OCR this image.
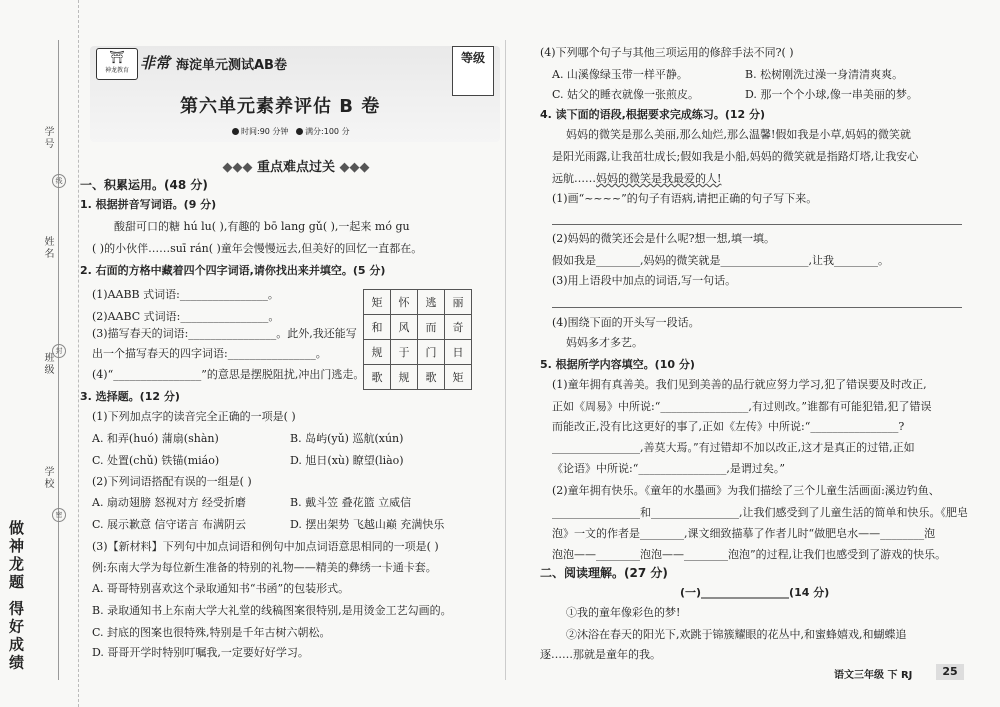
学号
姓名
班级
学校
线
封
密
做神龙题 得好成绩
⛩
神龙教育 非常 海淀单元测试AB卷	等级
第六单元素养评估 B 卷
时间:90 分钟 满分:100 分
◆◆◆ 重点难点过关 ◆◆◆
一、积累运用。(48 分)
1. 根据拼音写词语。(9 分)
酸甜可口的糖 hú lu( ),有趣的 bō lang gǔ( ),一起来 mó gu
( )的小伙伴……suī rán( )童年会慢慢远去,但美好的回忆一直都在。
2. 右面的方格中藏着四个四字词语,请你找出来并填空。(5 分)
(1)AABB 式词语:________________。
(2)AABC 式词语:________________。
(3)描写春天的词语:________________。此外,我还能写
出一个描写春天的四字词语:________________。
(4)“________________”的意思是摆脱阻扰,冲出门逃走。
矩	怀	逃	丽
和	风	而	奇
规	于	门	日
歌	规	歌	矩
3. 选择题。(12 分)
(1)下列加点字的读音完全正确的一项是( )
A. 和弄(huó) 蒲扇(shàn)	B. 岛屿(yǔ) 巡航(xún)
C. 处置(chǔ) 铁锚(miáo)	D. 旭日(xù) 瞭望(liào)
(2)下列词语搭配有误的一组是( )
A. 扇动翅膀 怒视对方 经受折磨	B. 戴斗笠 叠花篮 立威信
C. 展示歉意 信守诺言 布满阴云	D. 摆出架势 飞越山巅 充满快乐
(3)【新材料】下列句中加点词语和例句中加点词语意思相同的一项是( )
例:东南大学为每位新生准备的特别的礼物——精美的彝绣一卡通卡套。
A. 哥哥特别喜欢这个录取通知书“书函”的包装形式。
B. 录取通知书上东南大学大礼堂的线稿图案很特别,是用烫金工艺勾画的。
C. 封底的图案也很特殊,特别是千年古树六朝松。
D. 哥哥开学时特别叮嘱我,一定要好好学习。
(4)下列哪个句子与其他三项运用的修辞手法不同?( )
A. 山溪像绿玉带一样平静。	B. 松树刚洗过澡一身清清爽爽。
C. 姑父的睡衣就像一张煎皮。	D. 那一个个小球,像一串美丽的梦。
4. 读下面的语段,根据要求完成练习。(12 分)
妈妈的微笑是那么美丽,那么灿烂,那么温馨!假如我是小草,妈妈的微笑就
是阳光雨露,让我茁壮成长;假如我是小船,妈妈的微笑就是指路灯塔,让我安心
远航……妈妈的微笑是我最爱的人!
(1)画“~~~~”的句子有语病,请把正确的句子写下来。
(2)妈妈的微笑还会是什么呢?想一想,填一填。
假如我是________,妈妈的微笑就是________________,让我________。
(3)用上语段中加点的词语,写一句话。
(4)围绕下面的开头写一段话。
妈妈多才多艺。
5. 根据所学内容填空。(10 分)
(1)童年拥有真善美。我们见到美善的品行就应努力学习,犯了错误要及时改正,
正如《周易》中所说:“________________,有过则改。”谁都有可能犯错,犯了错误
而能改正,没有比这更好的事了,正如《左传》中所说:“________________?
________________,善莫大焉。”有过错却不加以改正,这才是真正的过错,正如
《论语》中所说:“________________,是谓过矣。”
(2)童年拥有快乐。《童年的水墨画》为我们描绘了三个儿童生活画面:溪边钓鱼、
________________和________________,让我们感受到了儿童生活的简单和快乐。《肥皂
泡》一文的作者是________,课文细致描摹了作者儿时“做肥皂水——________泡
泡泡——________泡泡——________泡泡”的过程,让我们也感受到了游戏的快乐。
二、阅读理解。(27 分)
(一)________________(14 分)
①我的童年像彩色的梦!
②沐浴在春天的阳光下,欢跳于锦簇耀眼的花丛中,和蜜蜂嬉戏,和蝴蝶追
逐……那就是童年的我。
语文三年级 下 RJ	25
